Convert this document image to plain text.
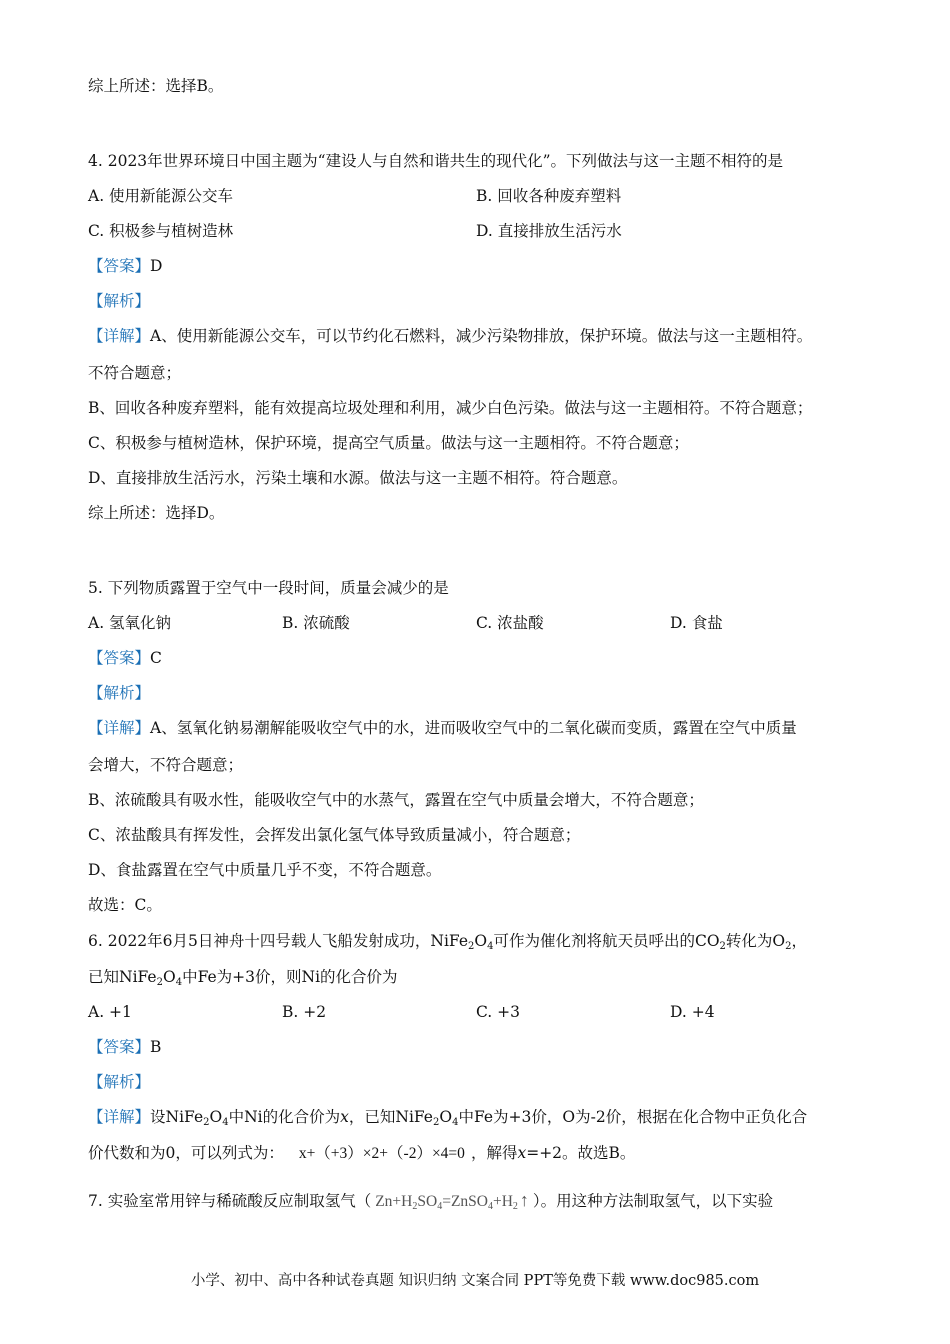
综上所述：选择B。
4. 2023年世界环境日中国主题为“建设人与自然和谐共生的现代化”。下列做法与这一主题不相符的是
A. 使用新能源公交车	B. 回收各种废弃塑料
C. 积极参与植树造林	D. 直接排放生活污水
【答案】D
【解析】
【详解】A、使用新能源公交车，可以节约化石燃料，减少污染物排放，保护环境。做法与这一主题相符。
不符合题意；
B、回收各种废弃塑料，能有效提高垃圾处理和利用，减少白色污染。做法与这一主题相符。不符合题意；
C、积极参与植树造林，保护环境，提高空气质量。做法与这一主题相符。不符合题意；
D、直接排放生活污水，污染土壤和水源。做法与这一主题不相符。符合题意。
综上所述：选择D。
5. 下列物质露置于空气中一段时间，质量会减少的是
A. 氢氧化钠	B. 浓硫酸	C. 浓盐酸	D. 食盐
【答案】C
【解析】
【详解】A、氢氧化钠易潮解能吸收空气中的水，进而吸收空气中的二氧化碳而变质，露置在空气中质量
会增大，不符合题意；
B、浓硫酸具有吸水性，能吸收空气中的水蒸气，露置在空气中质量会增大，不符合题意；
C、浓盐酸具有挥发性，会挥发出氯化氢气体导致质量减小，符合题意；
D、食盐露置在空气中质量几乎不变，不符合题意。
故选：C。
6. 2022年6月5日神舟十四号载人飞船发射成功，$NiFe_2O_4$可作为催化剂将航天员呼出的$CO_2$转化为$O_2$，
已知$NiFe_2O_4$中Fe为+3价，则Ni的化合价为
A. +1	B. +2	C. +3	D. +4
【答案】B
【解析】
【详解】设$NiFe_2O_4$中Ni的化合价为x，已知$NiFe_2O_4$中Fe为+3价，O为-2价，根据在化合物中正负化合
价代数和为0，可以列式为： x+（+3）×2+（-2）×4=0 ，解得x=+2。故选B。
7. 实验室常用锌与稀硫酸反应制取氢气（ $Zn+H_2SO_4=ZnSO_4+H_2$ ↑ ）。用这种方法制取氢气，以下实验
小学、初中、高中各种试卷真题 知识归纳 文案合同 PPT等免费下载 www.doc985.com
